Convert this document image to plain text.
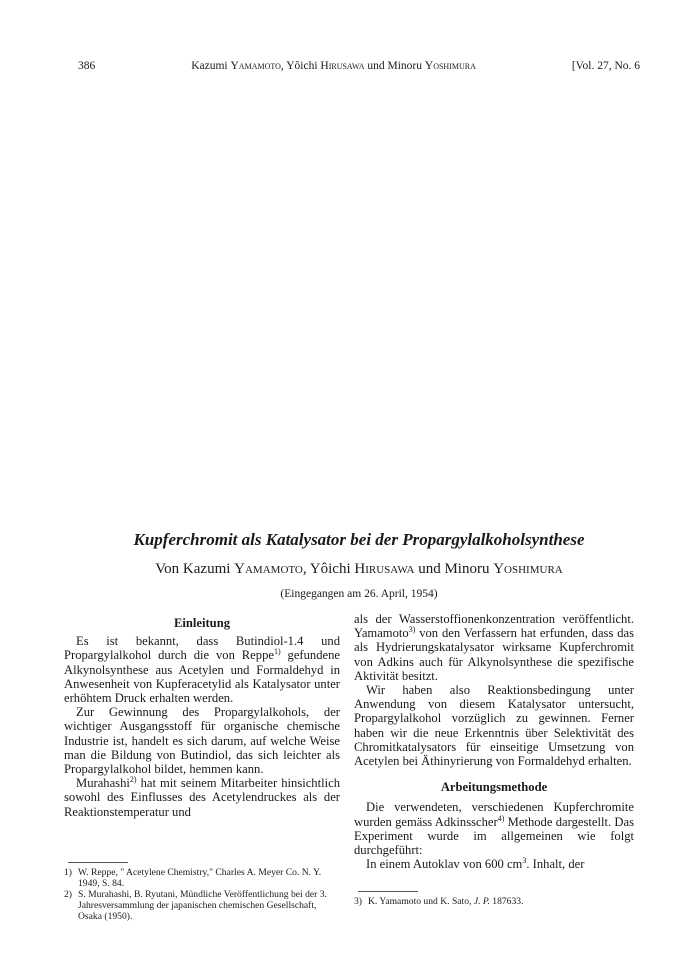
386	Kazumi Yamamoto, Yôichi Hirusawa und Minoru Yoshimura	[Vol. 27, No. 6
Kupferchromit als Katalysator bei der Propargylalkoholsynthese
Von Kazumi Yamamoto, Yôichi Hirusawa und Minoru Yoshimura
(Eingegangen am 26. April, 1954)
Einleitung

Es ist bekannt, dass Butindiol-1.4 und Propargylalkohol durch die von Reppe$^{1)}$ gefundene Alkynolsynthese aus Acetylen und Formaldehyd in Anwesenheit von Kupferacetylid als Katalysator unter erhöhtem Druck erhalten werden.

Zur Gewinnung des Propargylalkohols, der wichtiger Ausgangsstoff für organische chemische Industrie ist, handelt es sich darum, auf welche Weise man die Bildung von Butindiol, das sich leichter als Propargylalkohol bildet, hemmen kann.

Murahashi$^{2)}$ hat mit seinem Mitarbeiter hinsichtlich sowohl des Einflusses des Acetylendruckes als der Reaktionstemperatur und

1) W. Reppe, " Acetylene Chemistry," Charles A. Meyer Co. N. Y. 1949, S. 84.

2) S. Murahashi, B. Ryutani, Mündliche Veröffentlichung bei der 3. Jahresversammlung der japanischen chemischen Gesellschaft, Osaka (1950).

als der Wasserstoffionenkonzentration veröffentlicht. Yamamoto$^{3)}$ von den Verfassern hat erfunden, dass das als Hydrierungskatalysator wirksame Kupferchromit von Adkins auch für Alkynolsynthese die spezifische Aktivität besitzt.

Wir haben also Reaktionsbedingung unter Anwendung von diesem Katalysator untersucht, Propargylalkohol vorzüglich zu gewinnen. Ferner haben wir die neue Erkenntnis über Selektivität des Chromitkatalysators für einseitige Umsetzung von Acetylen bei Äthinyrierung von Formaldehyd erhalten.

Arbeitungsmethode

Die verwendeten, verschiedenen Kupferchromite wurden gemäss Adkinsscher$^{4)}$ Methode dargestellt. Das Experiment wurde im allgemeinen wie folgt durchgeführt:

In einem Autoklav von 600 $cm^3$. Inhalt, der

3) K. Yamamoto und K. Sato, J. P. 187633.
